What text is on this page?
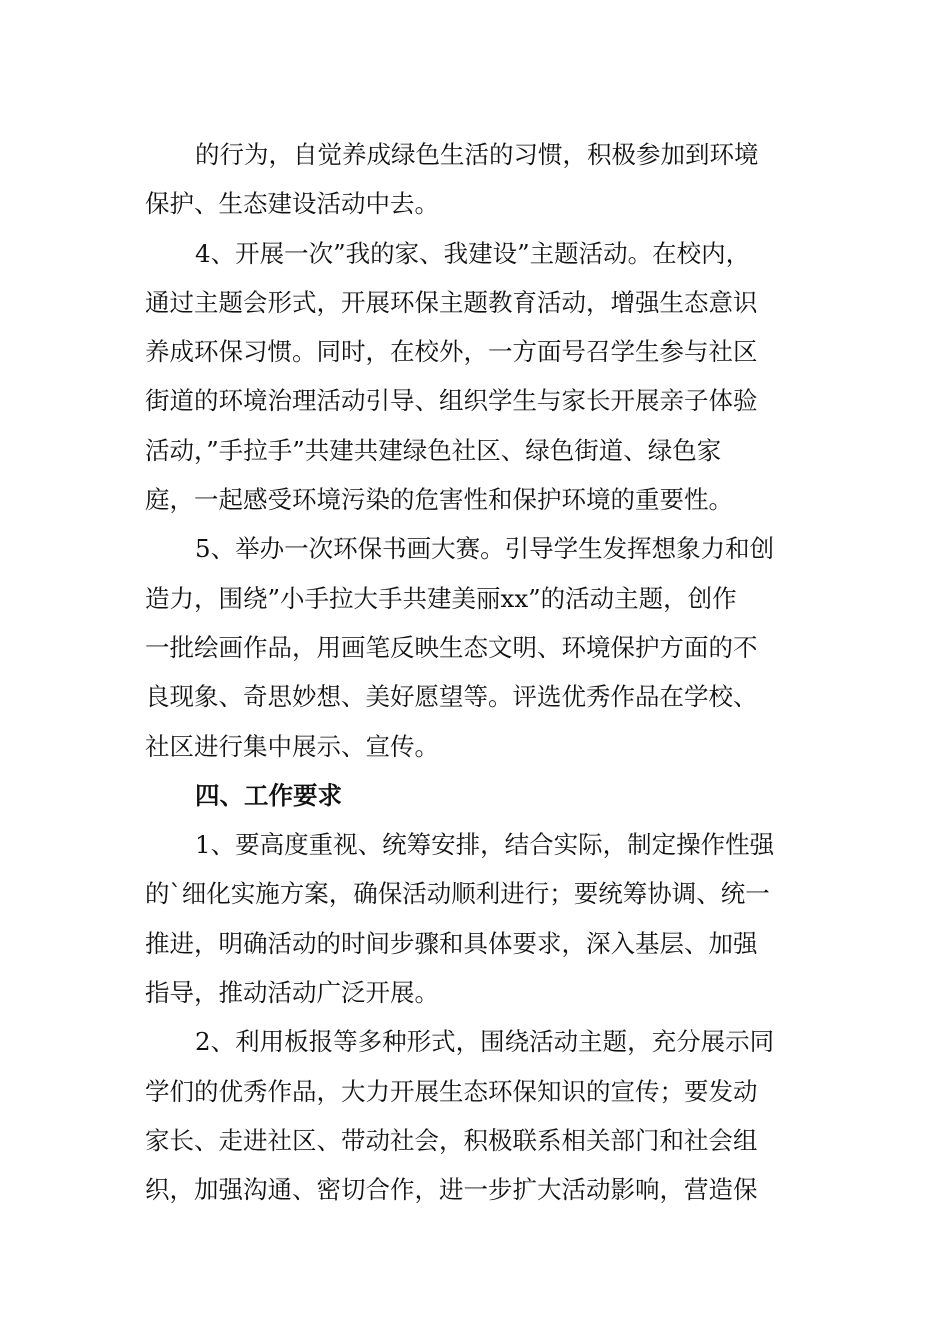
的行为，自觉养成绿色生活的习惯，积极参加到环境
保护、生态建设活动中去。
4、开展一次”我的家、我建设”主题活动。在校内，
通过主题会形式，开展环保主题教育活动，增强生态意识
养成环保习惯。同时，在校外，一方面号召学生参与社区
街道的环境治理活动引导、组织学生与家长开展亲子体验
活动，”手拉手”共建共建绿色社区、绿色街道、绿色家
庭，一起感受环境污染的危害性和保护环境的重要性。
5、举办一次环保书画大赛。引导学生发挥想象力和创
造力，围绕”小手拉大手共建美丽xx”的活动主题，创作
一批绘画作品，用画笔反映生态文明、环境保护方面的不
良现象、奇思妙想、美好愿望等。评选优秀作品在学校、
社区进行集中展示、宣传。
四、工作要求
1、要高度重视、统筹安排，结合实际，制定操作性强
的`细化实施方案，确保活动顺利进行；要统筹协调、统一
推进，明确活动的时间步骤和具体要求，深入基层、加强
指导，推动活动广泛开展。
2、利用板报等多种形式，围绕活动主题，充分展示同
学们的优秀作品，大力开展生态环保知识的宣传；要发动
家长、走进社区、带动社会，积极联系相关部门和社会组
织，加强沟通、密切合作，进一步扩大活动影响，营造保
